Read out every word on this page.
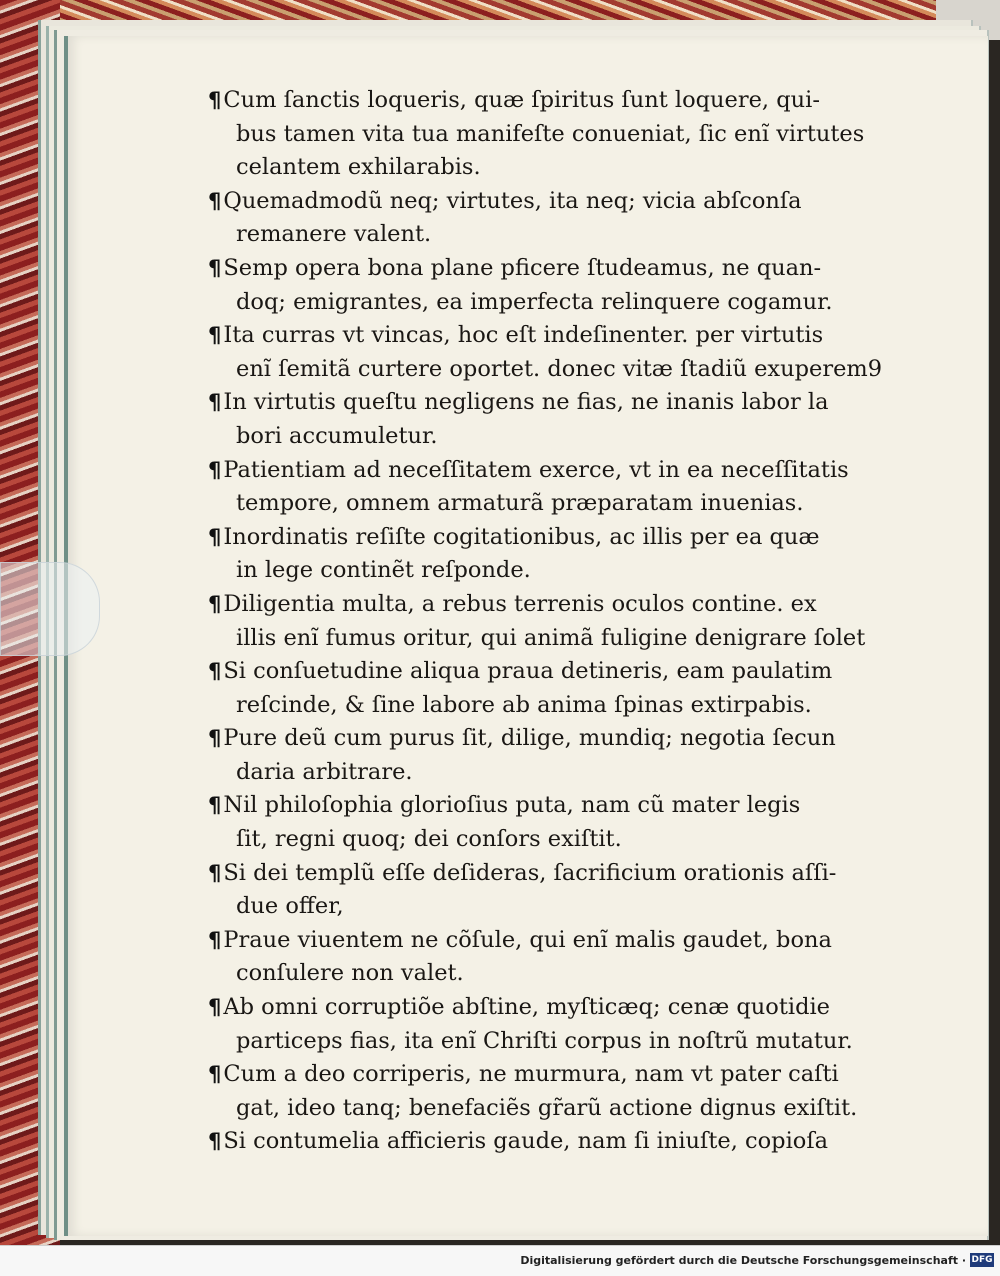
¶Cum ſanctis loqueris, quæ ſpiritus ſunt loquere, qui-
bus tamen vita tua manifeſte conueniat, ſic enĩ virtutes
celantem exhilarabis.
¶Quemadmodũ neq; virtutes, ita neq; vicia abſconſa
remanere valent.
¶Semp opera bona plane pficere ſtudeamus, ne quan-
doq; emigrantes, ea imperfecta relinquere cogamur.
¶Ita curras vt vincas, hoc eſt indeſinenter. per virtutis
enĩ ſemitã curtere oportet. donec vitæ ſtadiũ exuperem9
¶In virtutis queſtu negligens ne fias, ne inanis labor la
bori accumuletur.
¶Patientiam ad neceſſitatem exerce, vt in ea neceſſitatis
tempore, omnem armaturã præparatam inuenias.
¶Inordinatis reſiſte cogitationibus, ac illis per ea quæ
in lege continẽt reſponde.
¶Diligentia multa, a rebus terrenis oculos contine. ex
illis enĩ fumus oritur, qui animã fuligine denigrare ſolet
¶Si conſuetudine aliqua praua detineris, eam paulatim
reſcinde, & ſine labore ab anima ſpinas extirpabis.
¶Pure deũ cum purus ſit, dilige, mundiq; negotia ſecun
daria arbitrare.
¶Nil philoſophia glorioſius puta, nam cũ mater legis
ſit, regni quoq; dei conſors exiſtit.
¶Si dei templũ eſſe deſideras, ſacrificium orationis aſſi-
due offer,
¶Praue viuentem ne cõſule, qui enĩ malis gaudet, bona
conſulere non valet.
¶Ab omni corruptiõe abſtine, myſticæq; cenæ quotidie
particeps fias, ita enĩ Chriſti corpus in noſtrũ mutatur.
¶Cum a deo corriperis, ne murmura, nam vt pater caſti
gat, ideo tanq; benefaciẽs gr̃arũ actione dignus exiſtit.
¶Si contumelia afficieris gaude, nam ſi iniuſte, copioſa
Digitalisierung gefördert durch die Deutsche Forschungsgemeinschaft · DFG
